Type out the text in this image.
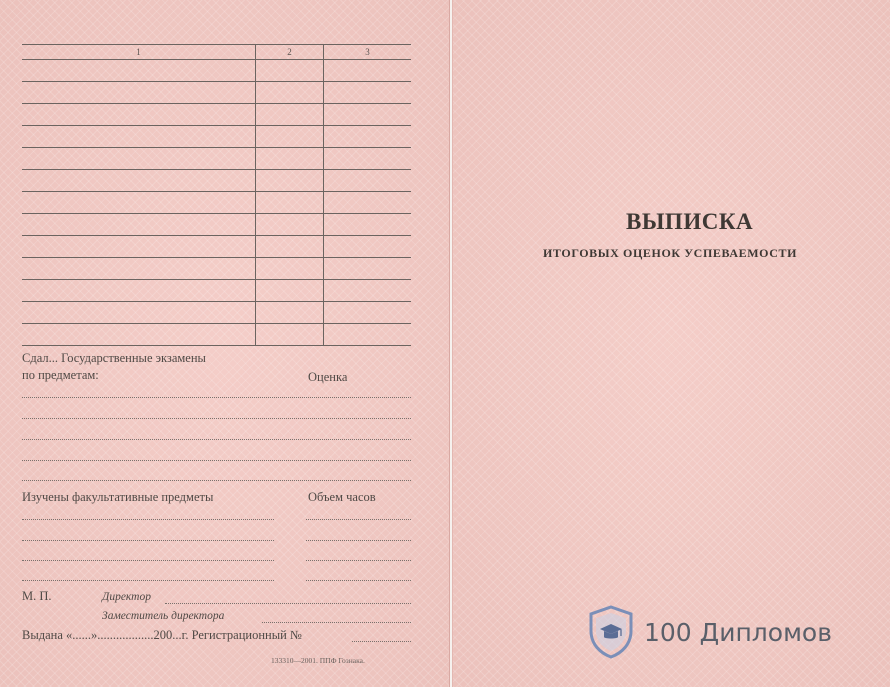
1	2	3

Сдал... Государственные экзамены
по предметам:	Оценка
Изучены факультативные предметы	Объем часов
М. П.	Директор
Заместитель директора
Выдана «......»..................200...г. Регистрационный №
133310—2001. ППФ Гознака.
ВЫПИСКА
ИТОГОВЫХ ОЦЕНОК УСПЕВАЕМОСТИ
100 Дипломов
